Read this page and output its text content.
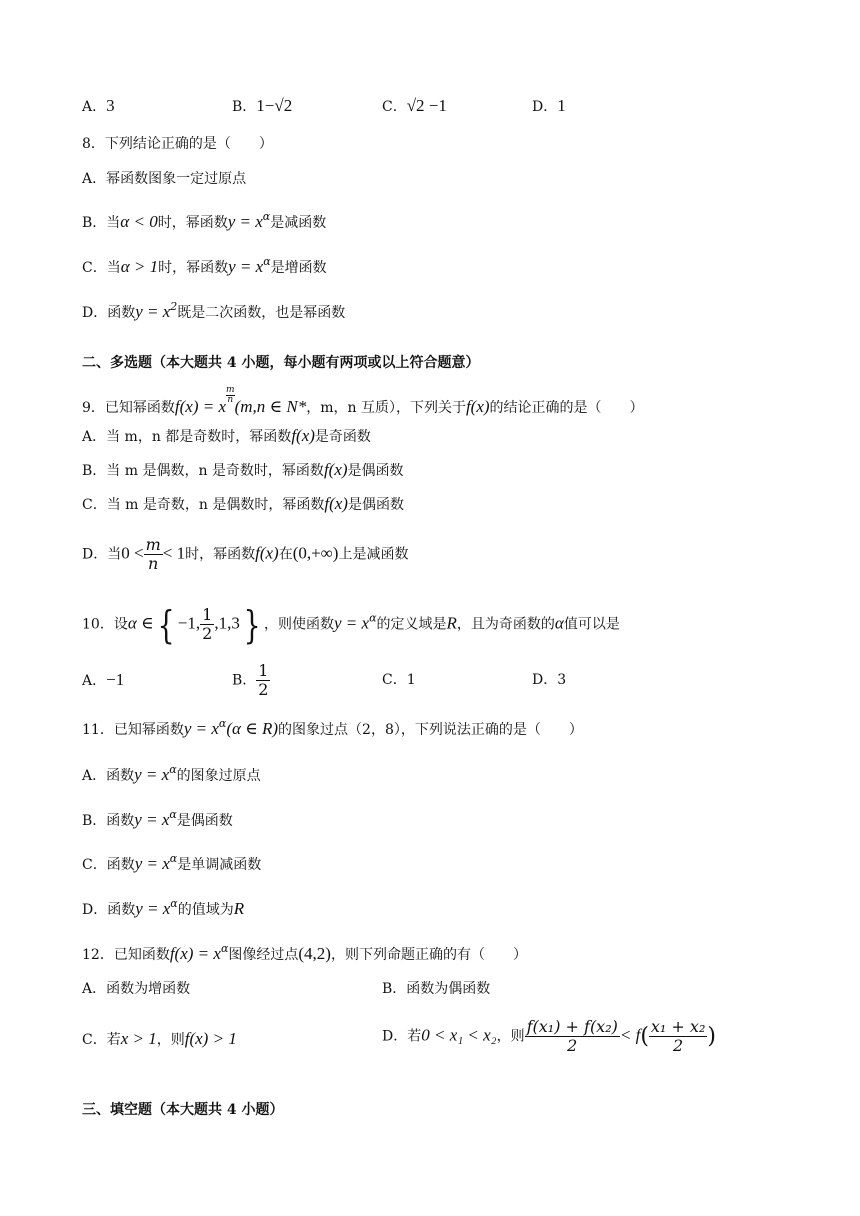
A．3	B．1−√2	C．√2 −1	D．1
8．下列结论正确的是（　　）
A．幂函数图象一定过原点
B．当α < 0时，幂函数$y = x^\alpha$是减函数
C．当α > 1时，幂函数$y = x^\alpha$是增函数
D．函数$y = x^2$既是二次函数，也是幂函数
二、多选题（本大题共 4 小题，每小题有两项或以上符合题意）
9．已知幂函数f(x) = x
$\frac{m}{n}$
(m,n ∈ N*，m，n 互质），下列关于f(x)的结论正确的是（　　）
A．当 m，n 都是奇数时，幂函数f(x)是奇函数
B．当 m 是偶数，n 是奇数时，幂函数f(x)是偶函数
C．当 m 是奇数，n 是偶数时，幂函数f(x)是偶函数
D．当$0 < \frac{m}{n} < 1$时，幂函数f(x)在(0,+∞)上是减函数
10．设α ∈{ −1, $\frac{1}{2} ,1,3$} ，则使函数$y = x^\alpha$的定义域是R，且为奇函数的α值可以是
A．−1	B． $\frac{1}{2}$	C．1	D．3
11．已知幂函数$y = x^\alpha(\alpha$ ∈ R)的图象过点（2，8），下列说法正确的是（　　）
A．函数$y = x^\alpha$的图象过原点
B．函数$y = x^\alpha$是偶函数
C．函数$y = x^\alpha$是单调减函数
D．函数$y = x^\alpha$的值域为R
12．已知函数$f(x) = x^\alpha$图像经过点(4,2)，则下列命题正确的有（　　）
A．函数为增函数	B．函数为偶函数
C．若x > 1，则f(x) > 1	D．若0 < x₁ < x₂，则 $\frac{\text{f(x₁) + f(x₂)}}{2} < f( \frac{\text{x₁ + x₂}}{2}$ )
三、填空题（本大题共 4 小题）
